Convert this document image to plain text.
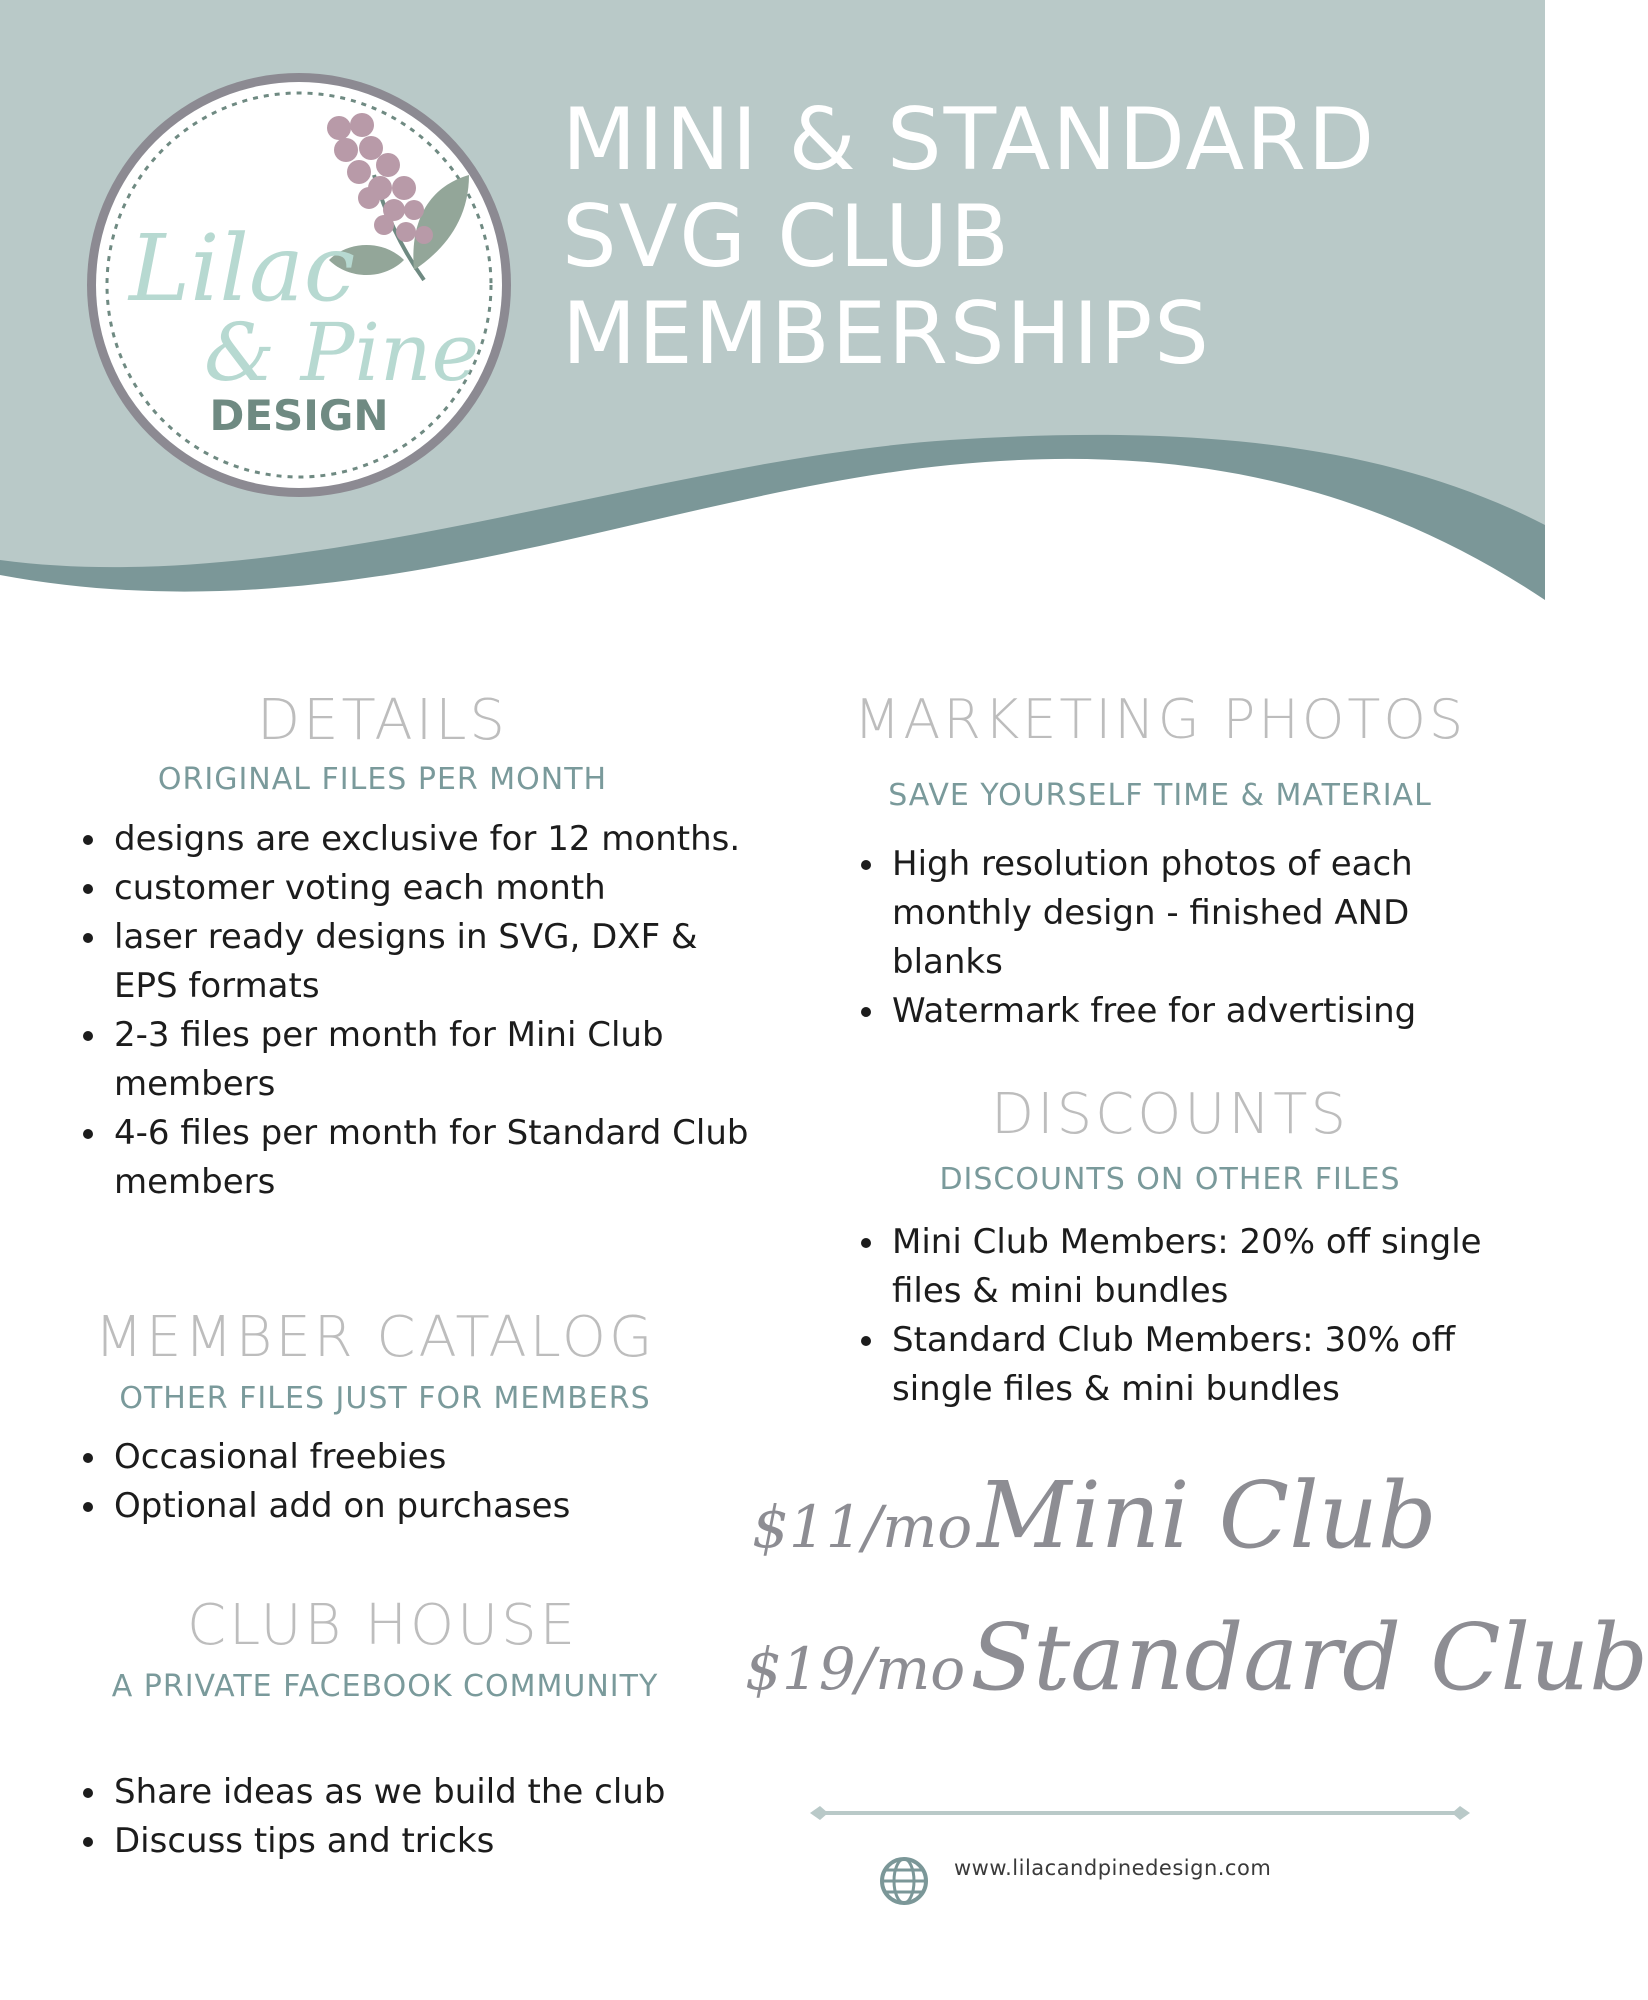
Lilac
& Pine
DESIGN
MINI & STANDARD
SVG CLUB
MEMBERSHIPS
DETAILS

ORIGINAL FILES PER MONTH

• designs are exclusive for 12 months.
• customer voting each month
• laser ready designs in SVG, DXF & EPS formats
• 2-3 files per month for Mini Club members
• 4-6 files per month for Standard Club members
MEMBER CATALOG

OTHER FILES JUST FOR MEMBERS

• Occasional freebies
• Optional add on purchases
CLUB HOUSE

A PRIVATE FACEBOOK COMMUNITY

• Share ideas as we build the club
• Discuss tips and tricks
MARKETING PHOTOS

SAVE YOURSELF TIME & MATERIAL

• High resolution photos of each monthly design - finished AND blanks
• Watermark free for advertising
DISCOUNTS

DISCOUNTS ON OTHER FILES

• Mini Club Members: 20% off single files & mini bundles
• Standard Club Members: 30% off single files & mini bundles
$11/mo Mini Club
$19/mo Standard Club
www.lilacandpinedesign.com
